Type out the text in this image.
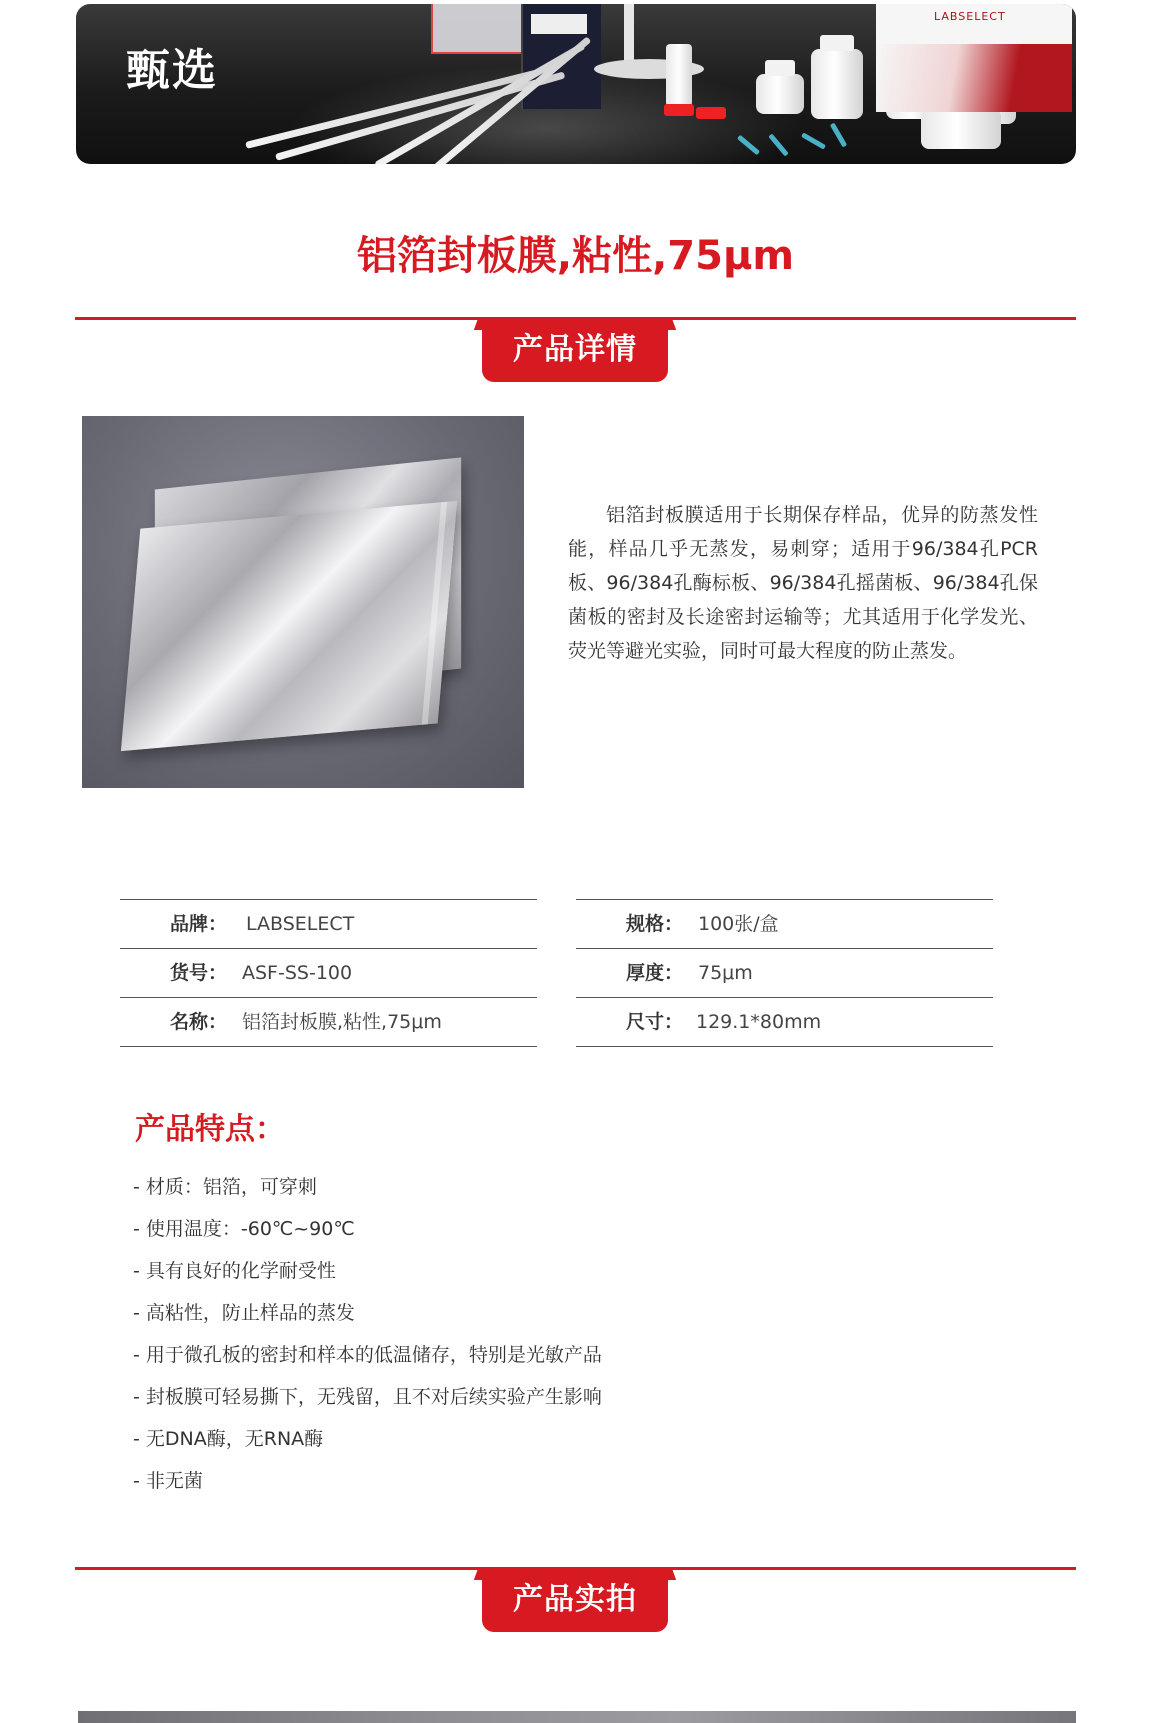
LABSELECT
甄选
铝箔封板膜,粘性,75μm
产品详情
铝箔封板膜适用于长期保存样品，优异的防蒸发性能，样品几乎无蒸发，易刺穿；适用于96/384孔PCR板、96/384孔酶标板、96/384孔摇菌板、96/384孔保菌板的密封及长途密封运输等；尤其适用于化学发光、荧光等避光实验，同时可最大程度的防止蒸发。
品牌： LABSELECT
货号： ASF-SS-100
名称： 铝箔封板膜,粘性,75μm
规格： 100张/盒
厚度： 75μm
尺寸： 129.1*80mm
产品特点：
- 材质：铝箔，可穿刺
- 使用温度：-60℃~90℃
- 具有良好的化学耐受性
- 高粘性，防止样品的蒸发
- 用于微孔板的密封和样本的低温储存，特别是光敏产品
- 封板膜可轻易撕下，无残留，且不对后续实验产生影响
- 无DNA酶，无RNA酶
- 非无菌
产品实拍
